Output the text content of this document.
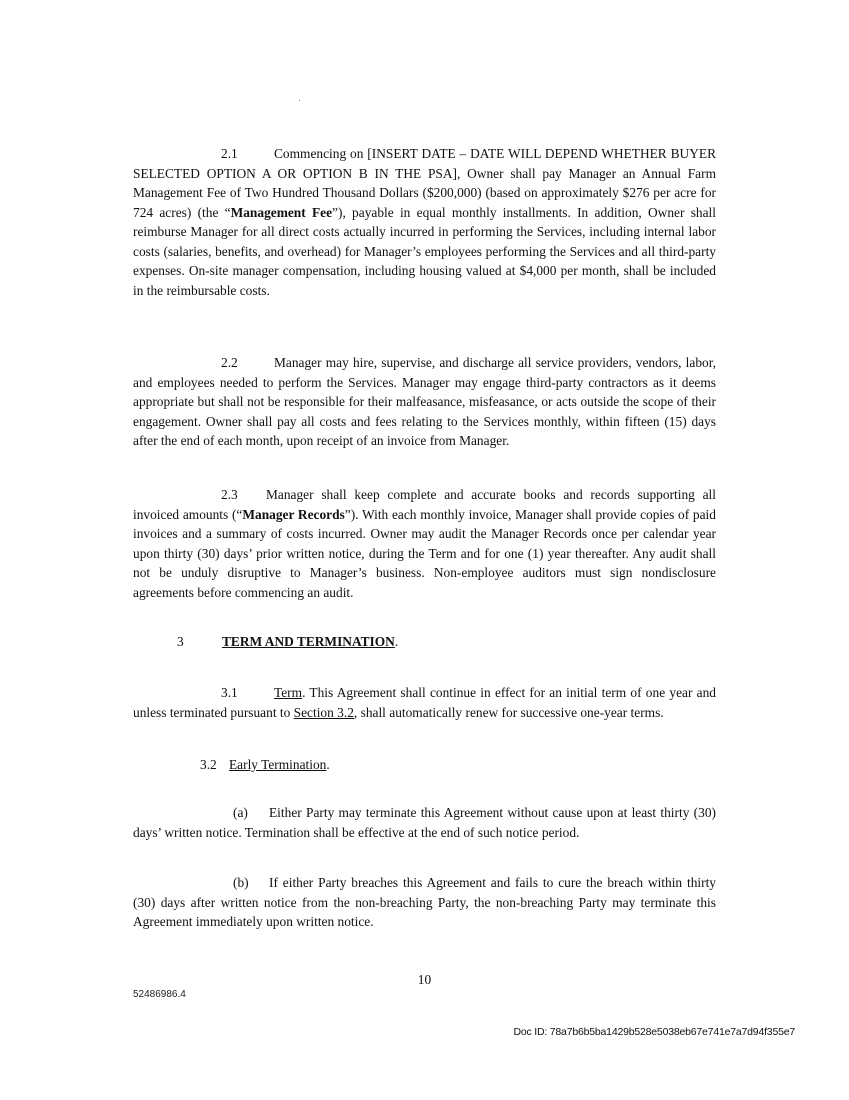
2.1	Commencing on [INSERT DATE – DATE WILL DEPEND WHETHER BUYER SELECTED OPTION A OR OPTION B IN THE PSA], Owner shall pay Manager an Annual Farm Management Fee of Two Hundred Thousand Dollars ($200,000) (based on approximately $276 per acre for 724 acres) (the “Management Fee”), payable in equal monthly installments. In addition, Owner shall reimburse Manager for all direct costs actually incurred in performing the Services, including internal labor costs (salaries, benefits, and overhead) for Manager’s employees performing the Services and all third-party expenses. On-site manager compensation, including housing valued at $4,000 per month, shall be included in the reimbursable costs.

2.2	Manager may hire, supervise, and discharge all service providers, vendors, labor, and employees needed to perform the Services. Manager may engage third-party contractors as it deems appropriate but shall not be responsible for their malfeasance, misfeasance, or acts outside the scope of their engagement. Owner shall pay all costs and fees relating to the Services monthly, within fifteen (15) days after the end of each month, upon receipt of an invoice from Manager.

2.3 Manager shall keep complete and accurate books and records supporting all invoiced amounts (“Manager Records”). With each monthly invoice, Manager shall provide copies of paid invoices and a summary of costs incurred. Owner may audit the Manager Records once per calendar year upon thirty (30) days’ prior written notice, during the Term and for one (1) year thereafter. Any audit shall not be unduly disruptive to Manager’s business. Non-employee auditors must sign nondisclosure agreements before commencing an audit.

3	TERM AND TERMINATION.

3.1	Term. This Agreement shall continue in effect for an initial term of one year and unless terminated pursuant to Section 3.2, shall automatically renew for successive one-year terms.

3.2 Early Termination.

(a) Either Party may terminate this Agreement without cause upon at least thirty (30) days’ written notice. Termination shall be effective at the end of such notice period.

(b) If either Party breaches this Agreement and fails to cure the breach within thirty (30) days after written notice from the non-breaching Party, the non-breaching Party may terminate this Agreement immediately upon written notice.

10
52486986.4
Doc ID: 78a7b6b5ba1429b528e5038eb67e741e7a7d94f355e7
